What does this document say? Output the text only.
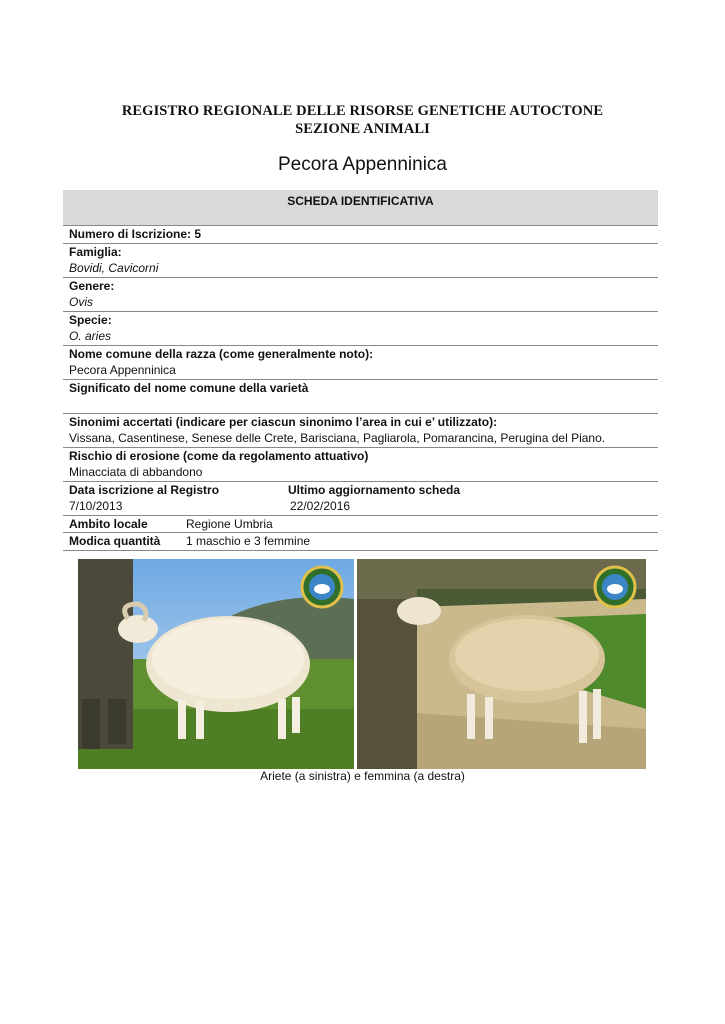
REGISTRO REGIONALE DELLE RISORSE GENETICHE AUTOCTONE
SEZIONE ANIMALI
Pecora Appenninica
SCHEDA IDENTIFICATIVA
Numero di Iscrizione: 5
Famiglia:
Bovidi, Cavicorni
Genere:
Ovis
Specie:
O. aries
Nome comune della razza (come generalmente noto):
Pecora Appenninica
Significato del nome comune della varietà
Sinonimi accertati (indicare per ciascun sinonimo l’area in cui e’ utilizzato):
Vissana, Casentinese, Senese delle Crete, Barisciana, Pagliarola, Pomarancina, Perugina del Piano.
Rischio di erosione (come da regolamento attuativo)
Minacciata di abbandono
Data iscrizione al Registro	Ultimo aggiornamento scheda
7/10/2013	22/02/2016
Ambito locale	Regione Umbria
Modica quantità	1 maschio e 3 femmine
Ariete (a sinistra) e femmina (a destra)
